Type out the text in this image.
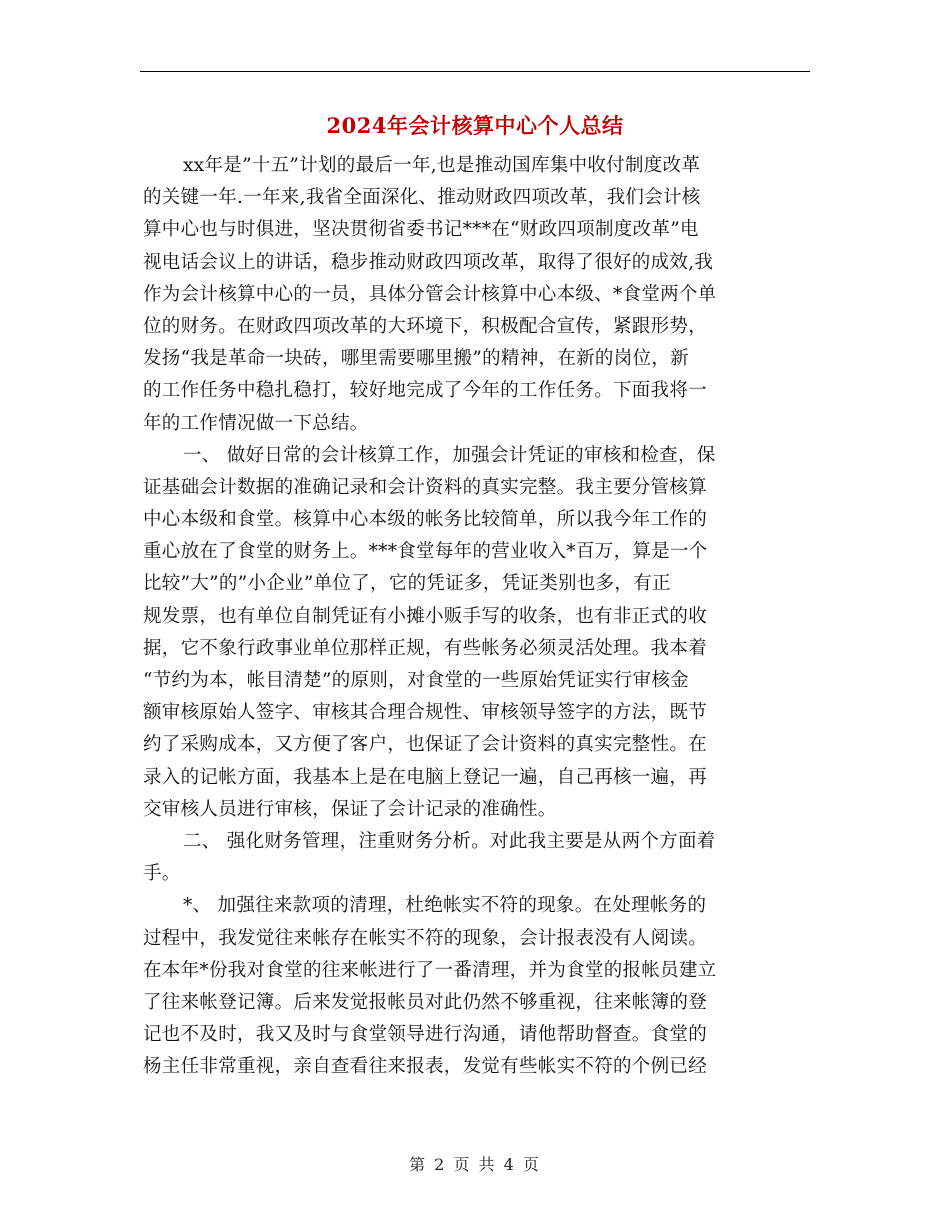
2024年会计核算中心个人总结
xx年是”十五”计划的最后一年,也是推动国库集中收付制度改革
的关键一年.一年来,我省全面深化、推动财政四项改革，我们会计核
算中心也与时俱进，坚决贯彻省委书记***在“财政四项制度改革”电
视电话会议上的讲话，稳步推动财政四项改革，取得了很好的成效,我
作为会计核算中心的一员，具体分管会计核算中心本级、*食堂两个单
位的财务。在财政四项改革的大环境下，积极配合宣传，紧跟形势，
发扬“我是革命一块砖，哪里需要哪里搬”的精神，在新的岗位，新
的工作任务中稳扎稳打，较好地完成了今年的工作任务。下面我将一
年的工作情况做一下总结。
一、 做好日常的会计核算工作，加强会计凭证的审核和检查，保
证基础会计数据的准确记录和会计资料的真实完整。我主要分管核算
中心本级和食堂。核算中心本级的帐务比较简单，所以我今年工作的
重心放在了食堂的财务上。***食堂每年的营业收入*百万，算是一个
比较”大”的”小企业”单位了，它的凭证多，凭证类别也多，有正
规发票，也有单位自制凭证有小摊小贩手写的收条，也有非正式的收
据，它不象行政事业单位那样正规，有些帐务必须灵活处理。我本着
“节约为本，帐目清楚”的原则，对食堂的一些原始凭证实行审核金
额审核原始人签字、审核其合理合规性、审核领导签字的方法，既节
约了采购成本，又方便了客户，也保证了会计资料的真实完整性。在
录入的记帐方面，我基本上是在电脑上登记一遍，自己再核一遍，再
交审核人员进行审核，保证了会计记录的准确性。
二、 强化财务管理，注重财务分析。对此我主要是从两个方面着
手。
*、 加强往来款项的清理，杜绝帐实不符的现象。在处理帐务的
过程中，我发觉往来帐存在帐实不符的现象，会计报表没有人阅读。
在本年*份我对食堂的往来帐进行了一番清理，并为食堂的报帐员建立
了往来帐登记簿。后来发觉报帐员对此仍然不够重视，往来帐簿的登
记也不及时，我又及时与食堂领导进行沟通，请他帮助督查。食堂的
杨主任非常重视，亲自查看往来报表，发觉有些帐实不符的个例已经
第 2 页 共 4 页
